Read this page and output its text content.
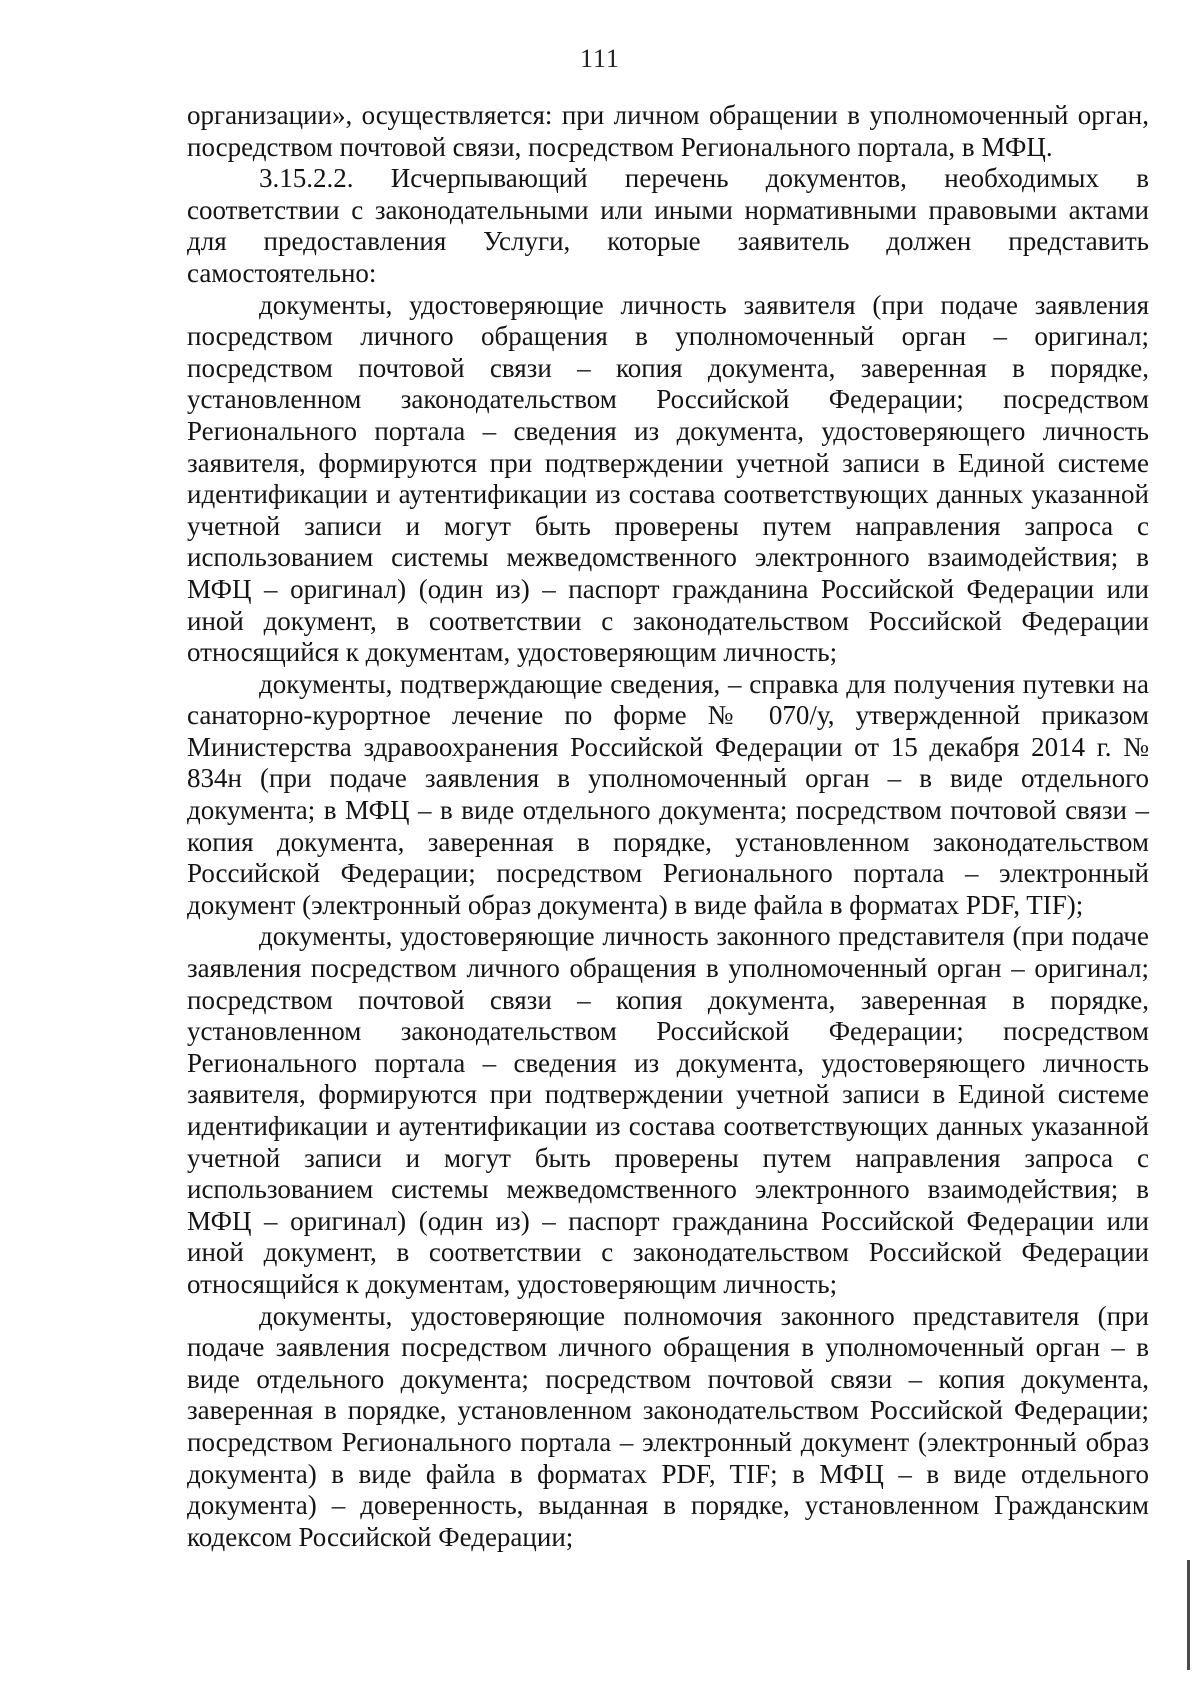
111

организации», осуществляется: при личном обращении в уполномоченный орган, посредством почтовой связи, посредством Регионального портала, в МФЦ.

3.15.2.2. Исчерпывающий перечень документов, необходимых в соответствии с законодательными или иными нормативными правовыми актами для предоставления Услуги, которые заявитель должен представить самостоятельно:

документы, удостоверяющие личность заявителя (при подаче заявления посредством личного обращения в уполномоченный орган – оригинал; посредством почтовой связи – копия документа, заверенная в порядке, установленном законодательством Российской Федерации; посредством Регионального портала – сведения из документа, удостоверяющего личность заявителя, формируются при подтверждении учетной записи в Единой системе идентификации и аутентификации из состава соответствующих данных указанной учетной записи и могут быть проверены путем направления запроса с использованием системы межведомственного электронного взаимодействия; в МФЦ – оригинал) (один из) – паспорт гражданина Российской Федерации или иной документ, в соответствии с законодательством Российской Федерации относящийся к документам, удостоверяющим личность;

документы, подтверждающие сведения, – справка для получения путевки на санаторно-курортное лечение по форме № 070/у, утвержденной приказом Министерства здравоохранения Российской Федерации от 15 декабря 2014 г. № 834н (при подаче заявления в уполномоченный орган – в виде отдельного документа; в МФЦ – в виде отдельного документа; посредством почтовой связи – копия документа, заверенная в порядке, установленном законодательством Российской Федерации; посредством Регионального портала – электронный документ (электронный образ документа) в виде файла в форматах PDF, TIF);

документы, удостоверяющие личность законного представителя (при подаче заявления посредством личного обращения в уполномоченный орган – оригинал; посредством почтовой связи – копия документа, заверенная в порядке, установленном законодательством Российской Федерации; посредством Регионального портала – сведения из документа, удостоверяющего личность заявителя, формируются при подтверждении учетной записи в Единой системе идентификации и аутентификации из состава соответствующих данных указанной учетной записи и могут быть проверены путем направления запроса с использованием системы межведомственного электронного взаимодействия; в МФЦ – оригинал) (один из) – паспорт гражданина Российской Федерации или иной документ, в соответствии с законодательством Российской Федерации относящийся к документам, удостоверяющим личность;

документы, удостоверяющие полномочия законного представителя (при подаче заявления посредством личного обращения в уполномоченный орган – в виде отдельного документа; посредством почтовой связи – копия документа, заверенная в порядке, установленном законодательством Российской Федерации; посредством Регионального портала – электронный документ (электронный образ документа) в виде файла в форматах PDF, TIF; в МФЦ – в виде отдельного документа) – доверенность, выданная в порядке, установленном Гражданским кодексом Российской Федерации;
